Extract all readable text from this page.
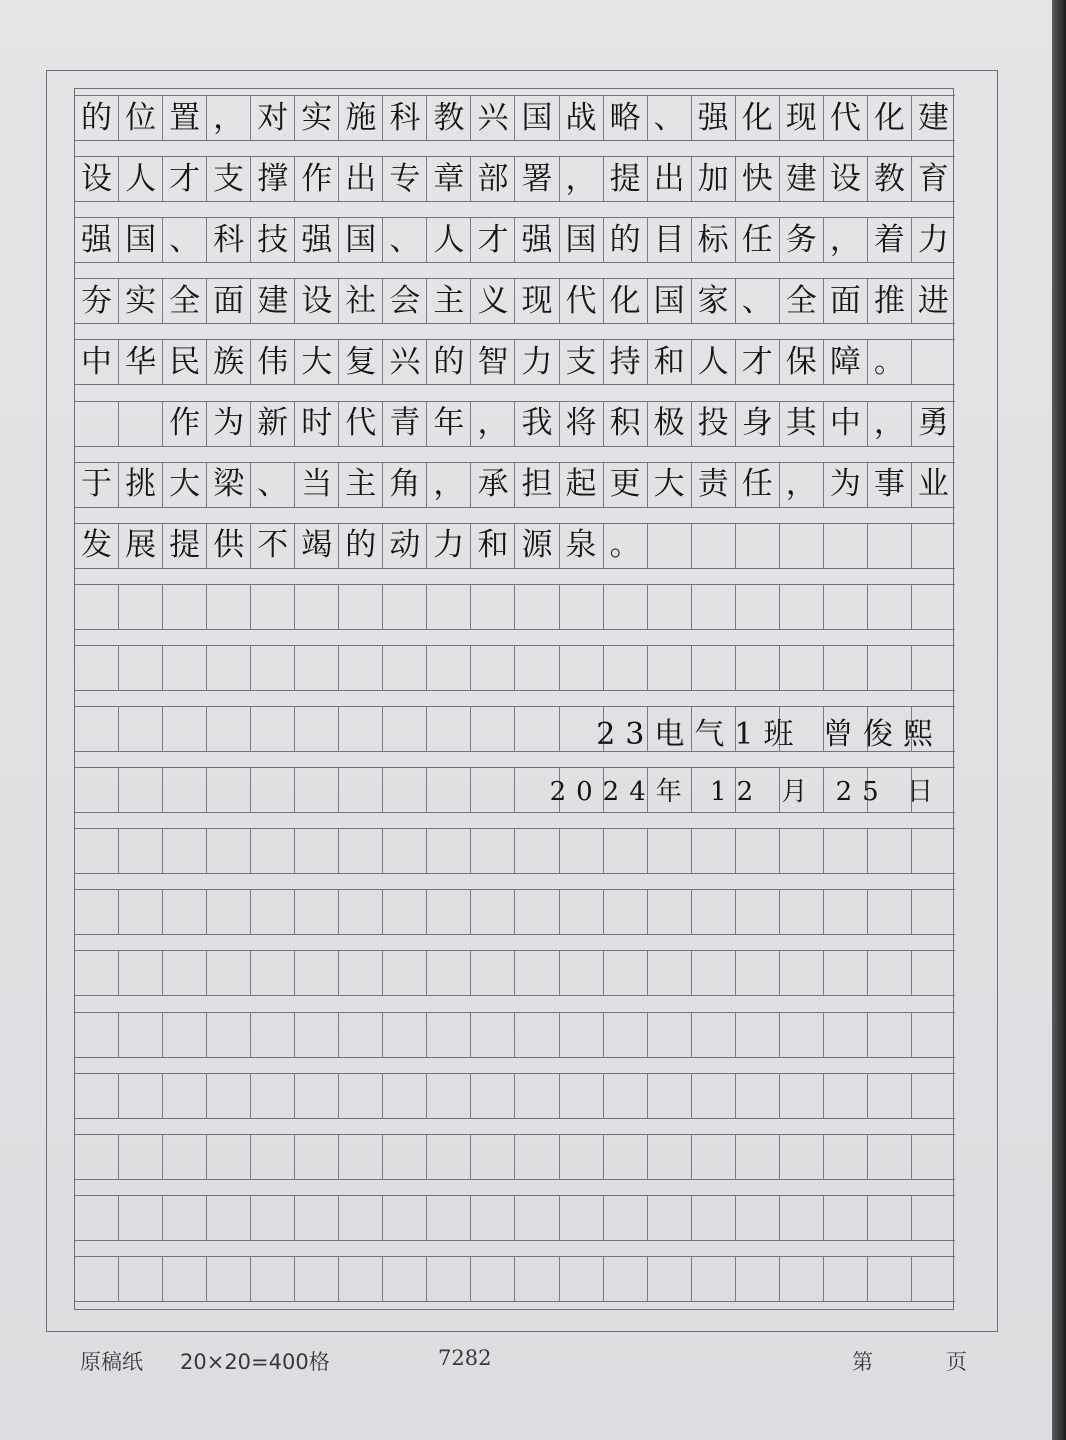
发 展 提 供 不 竭 的 动 力 和 源 泉 。
于 挑 大 梁 、 当 主 角 ， 承 担 起 更 大 责 任 ， 为 事 业

作 为 新 时 代 青 年 ， 我 将 积 极 投 身 其 中 ， 勇
中 华 民 族 伟 大 复 兴 的 智 力 支 持 和 人 才 保 障 。
夯 实 全 面 建 设 社 会 主 义 现 代 化 国 家 、 全 面 推 进
强 国 、 科 技 强 国 、 人 才 强 国 的 目 标 任 务 ， 着 力
设 人 才 支 撑 作 出 专 章 部 署 ， 提 出 加 快 建 设 教 育
的 位 置 ， 对 实 施 科 教 兴 国 战 略 、 强 化 现 代 化 建
23电气1班 曾俊熙
2024年 12 月 25 日
原稿纸 20×20=400格	7282	第	页
